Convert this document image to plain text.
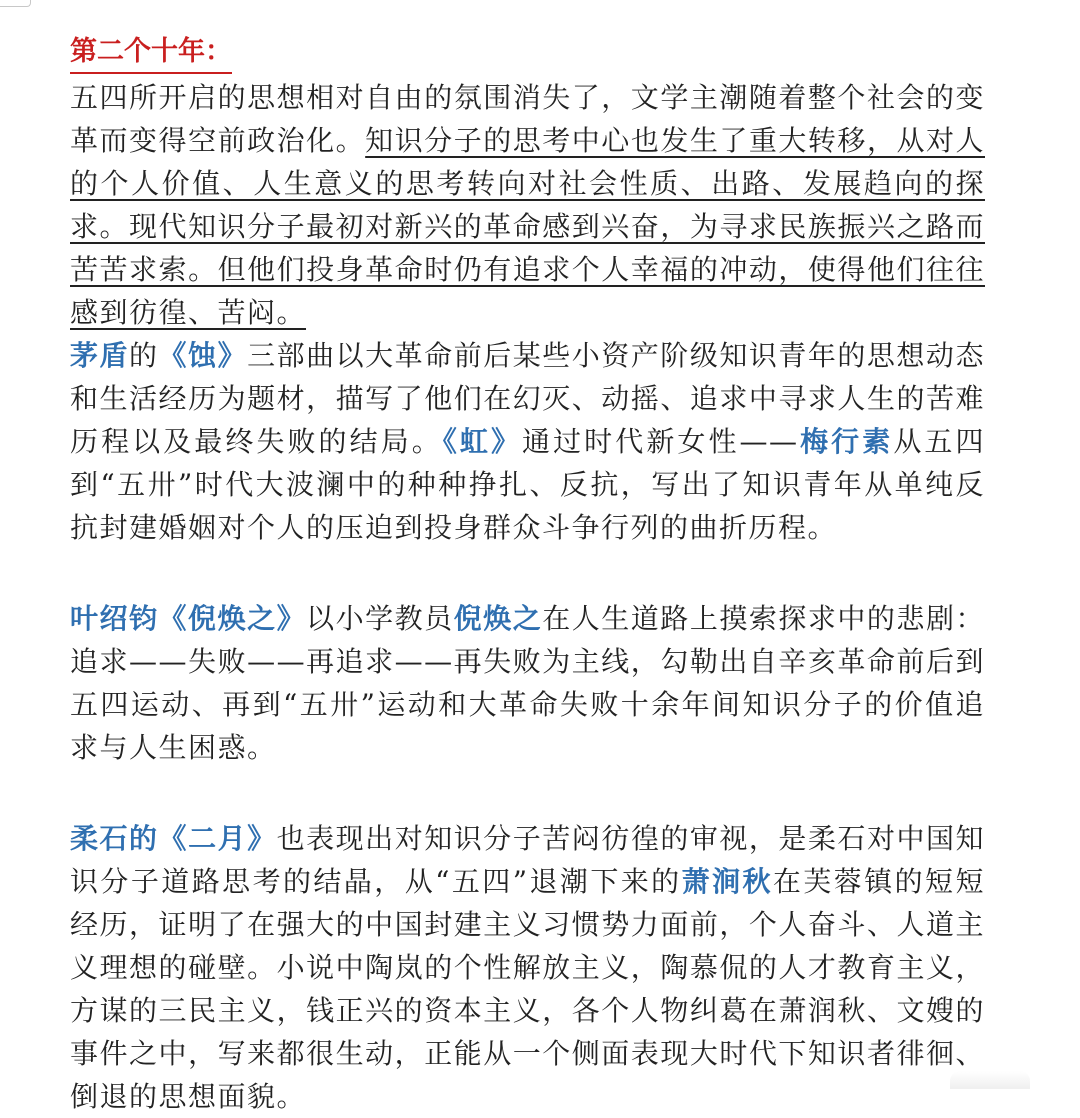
第二个十年：

五四所开启的思想相对自由的氛围消失了，文学主潮随着整个社会的变革而变得空前政治化。知识分子的思考中心也发生了重大转移，从对人的个人价值、人生意义的思考转向对社会性质、出路、发展趋向的探求。现代知识分子最初对新兴的革命感到兴奋，为寻求民族振兴之路而苦苦求索。但他们投身革命时仍有追求个人幸福的冲动，使得他们往往感到彷徨、苦闷。

茅盾的《蚀》三部曲以大革命前后某些小资产阶级知识青年的思想动态和生活经历为题材，描写了他们在幻灭、动摇、追求中寻求人生的苦难历程以及最终失败的结局。《虹》通过时代新女性——梅行素从五四到“五卅”时代大波澜中的种种挣扎、反抗，写出了知识青年从单纯反抗封建婚姻对个人的压迫到投身群众斗争行列的曲折历程。

叶绍钧《倪焕之》以小学教员倪焕之在人生道路上摸索探求中的悲剧：追求——失败——再追求——再失败为主线，勾勒出自辛亥革命前后到五四运动、再到“五卅”运动和大革命失败十余年间知识分子的价值追求与人生困惑。

柔石的《二月》也表现出对知识分子苦闷彷徨的审视，是柔石对中国知识分子道路思考的结晶，从“五四”退潮下来的萧涧秋在芙蓉镇的短短经历，证明了在强大的中国封建主义习惯势力面前，个人奋斗、人道主义理想的碰壁。小说中陶岚的个性解放主义，陶慕侃的人才教育主义，方谋的三民主义，钱正兴的资本主义，各个人物纠葛在萧润秋、文嫂的事件之中，写来都很生动，正能从一个侧面表现大时代下知识者徘徊、倒退的思想面貌。
